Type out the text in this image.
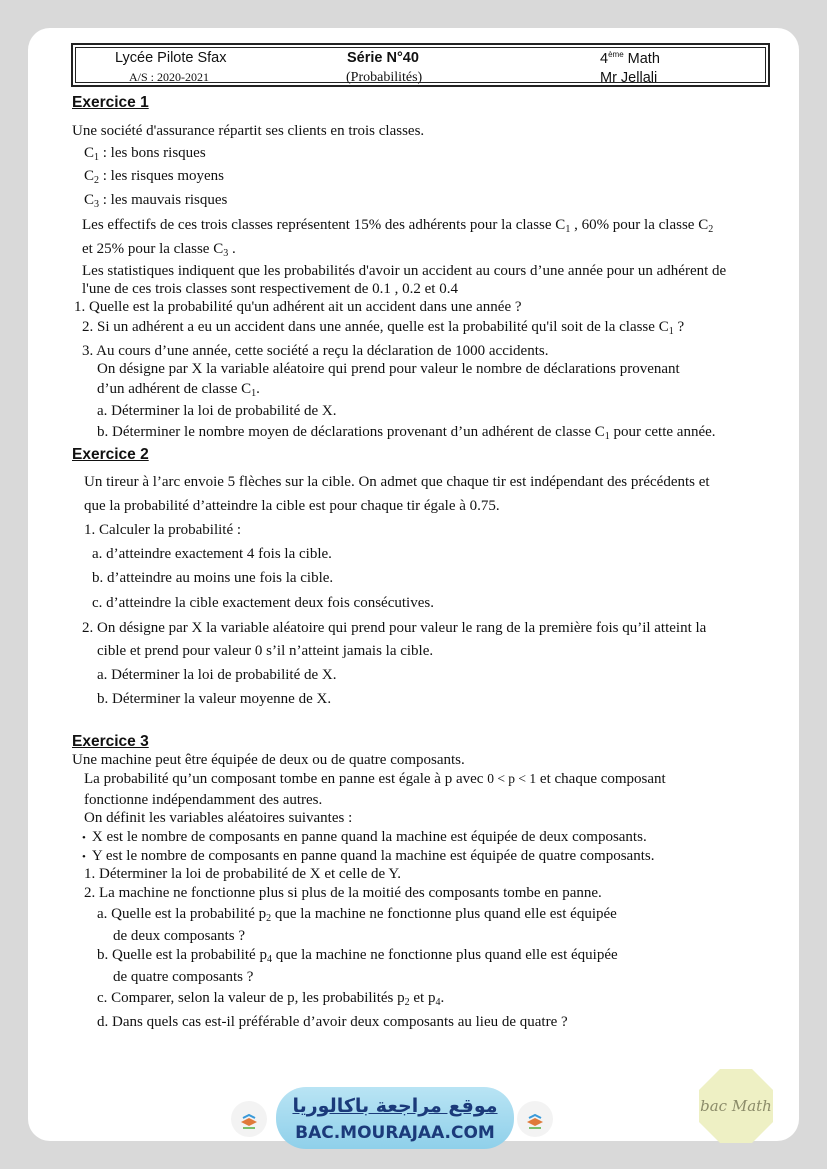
Lycée Pilote Sfax
A/S : 2020-2021
Série N°40
(Probabilités)
4ème Math
Mr Jellali
Exercice 1
Une société d'assurance répartit ses clients en trois classes.
$C_1$ : les bons risques
$C_2$ : les risques moyens
$C_3$ : les mauvais risques
Les effectifs de ces trois classes représentent 15% des adhérents pour la classe $C_1$ , 60% pour la classe $C_2$
et 25% pour la classe $C_3$ .
Les statistiques indiquent que les probabilités d'avoir un accident au cours d’une année pour un adhérent de
l'une de ces trois classes sont respectivement de 0.1 , 0.2 et 0.4
1. Quelle est la probabilité qu'un adhérent ait un accident dans une année ?
2. Si un adhérent a eu un accident dans une année, quelle est la probabilité qu'il soit de la classe $C_1$ ?
3. Au cours d’une année, cette société a reçu la déclaration de 1000 accidents.
On désigne par X la variable aléatoire qui prend pour valeur le nombre de déclarations provenant
d’un adhérent de classe $C_1$.
a. Déterminer la loi de probabilité de X.
b. Déterminer le nombre moyen de déclarations provenant d’un adhérent de classe $C_1$ pour cette année.
Exercice 2
Un tireur à l’arc envoie 5 flèches sur la cible. On admet que chaque tir est indépendant des précédents et
que la probabilité d’atteindre la cible est pour chaque tir égale à 0.75.
1. Calculer la probabilité :
a. d’atteindre exactement 4 fois la cible.
b. d’atteindre au moins une fois la cible.
c. d’atteindre la cible exactement deux fois consécutives.
2. On désigne par X la variable aléatoire qui prend pour valeur le rang de la première fois qu’il atteint la
cible et prend pour valeur 0 s’il n’atteint jamais la cible.
a. Déterminer la loi de probabilité de X.
b. Déterminer la valeur moyenne de X.
Exercice 3
Une machine peut être équipée de deux ou de quatre composants.
La probabilité qu’un composant tombe en panne est égale à p avec 0 < p < 1 et chaque composant
fonctionne indépendamment des autres.
On définit les variables aléatoires suivantes :
• X est le nombre de composants en panne quand la machine est équipée de deux composants.
• Y est le nombre de composants en panne quand la machine est équipée de quatre composants.
1. Déterminer la loi de probabilité de X et celle de Y.
2. La machine ne fonctionne plus si plus de la moitié des composants tombe en panne.
a. Quelle est la probabilité $p_2$ que la machine ne fonctionne plus quand elle est équipée
de deux composants ?
b. Quelle est la probabilité $p_4$ que la machine ne fonctionne plus quand elle est équipée
de quatre composants ?
c. Comparer, selon la valeur de p, les probabilités $p_2$ et $p_4$.
d. Dans quels cas est-il préférable d’avoir deux composants au lieu de quatre ?
موقع مراجعة باكالوريا
BAC.MOURAJAA.COM
bac Math
